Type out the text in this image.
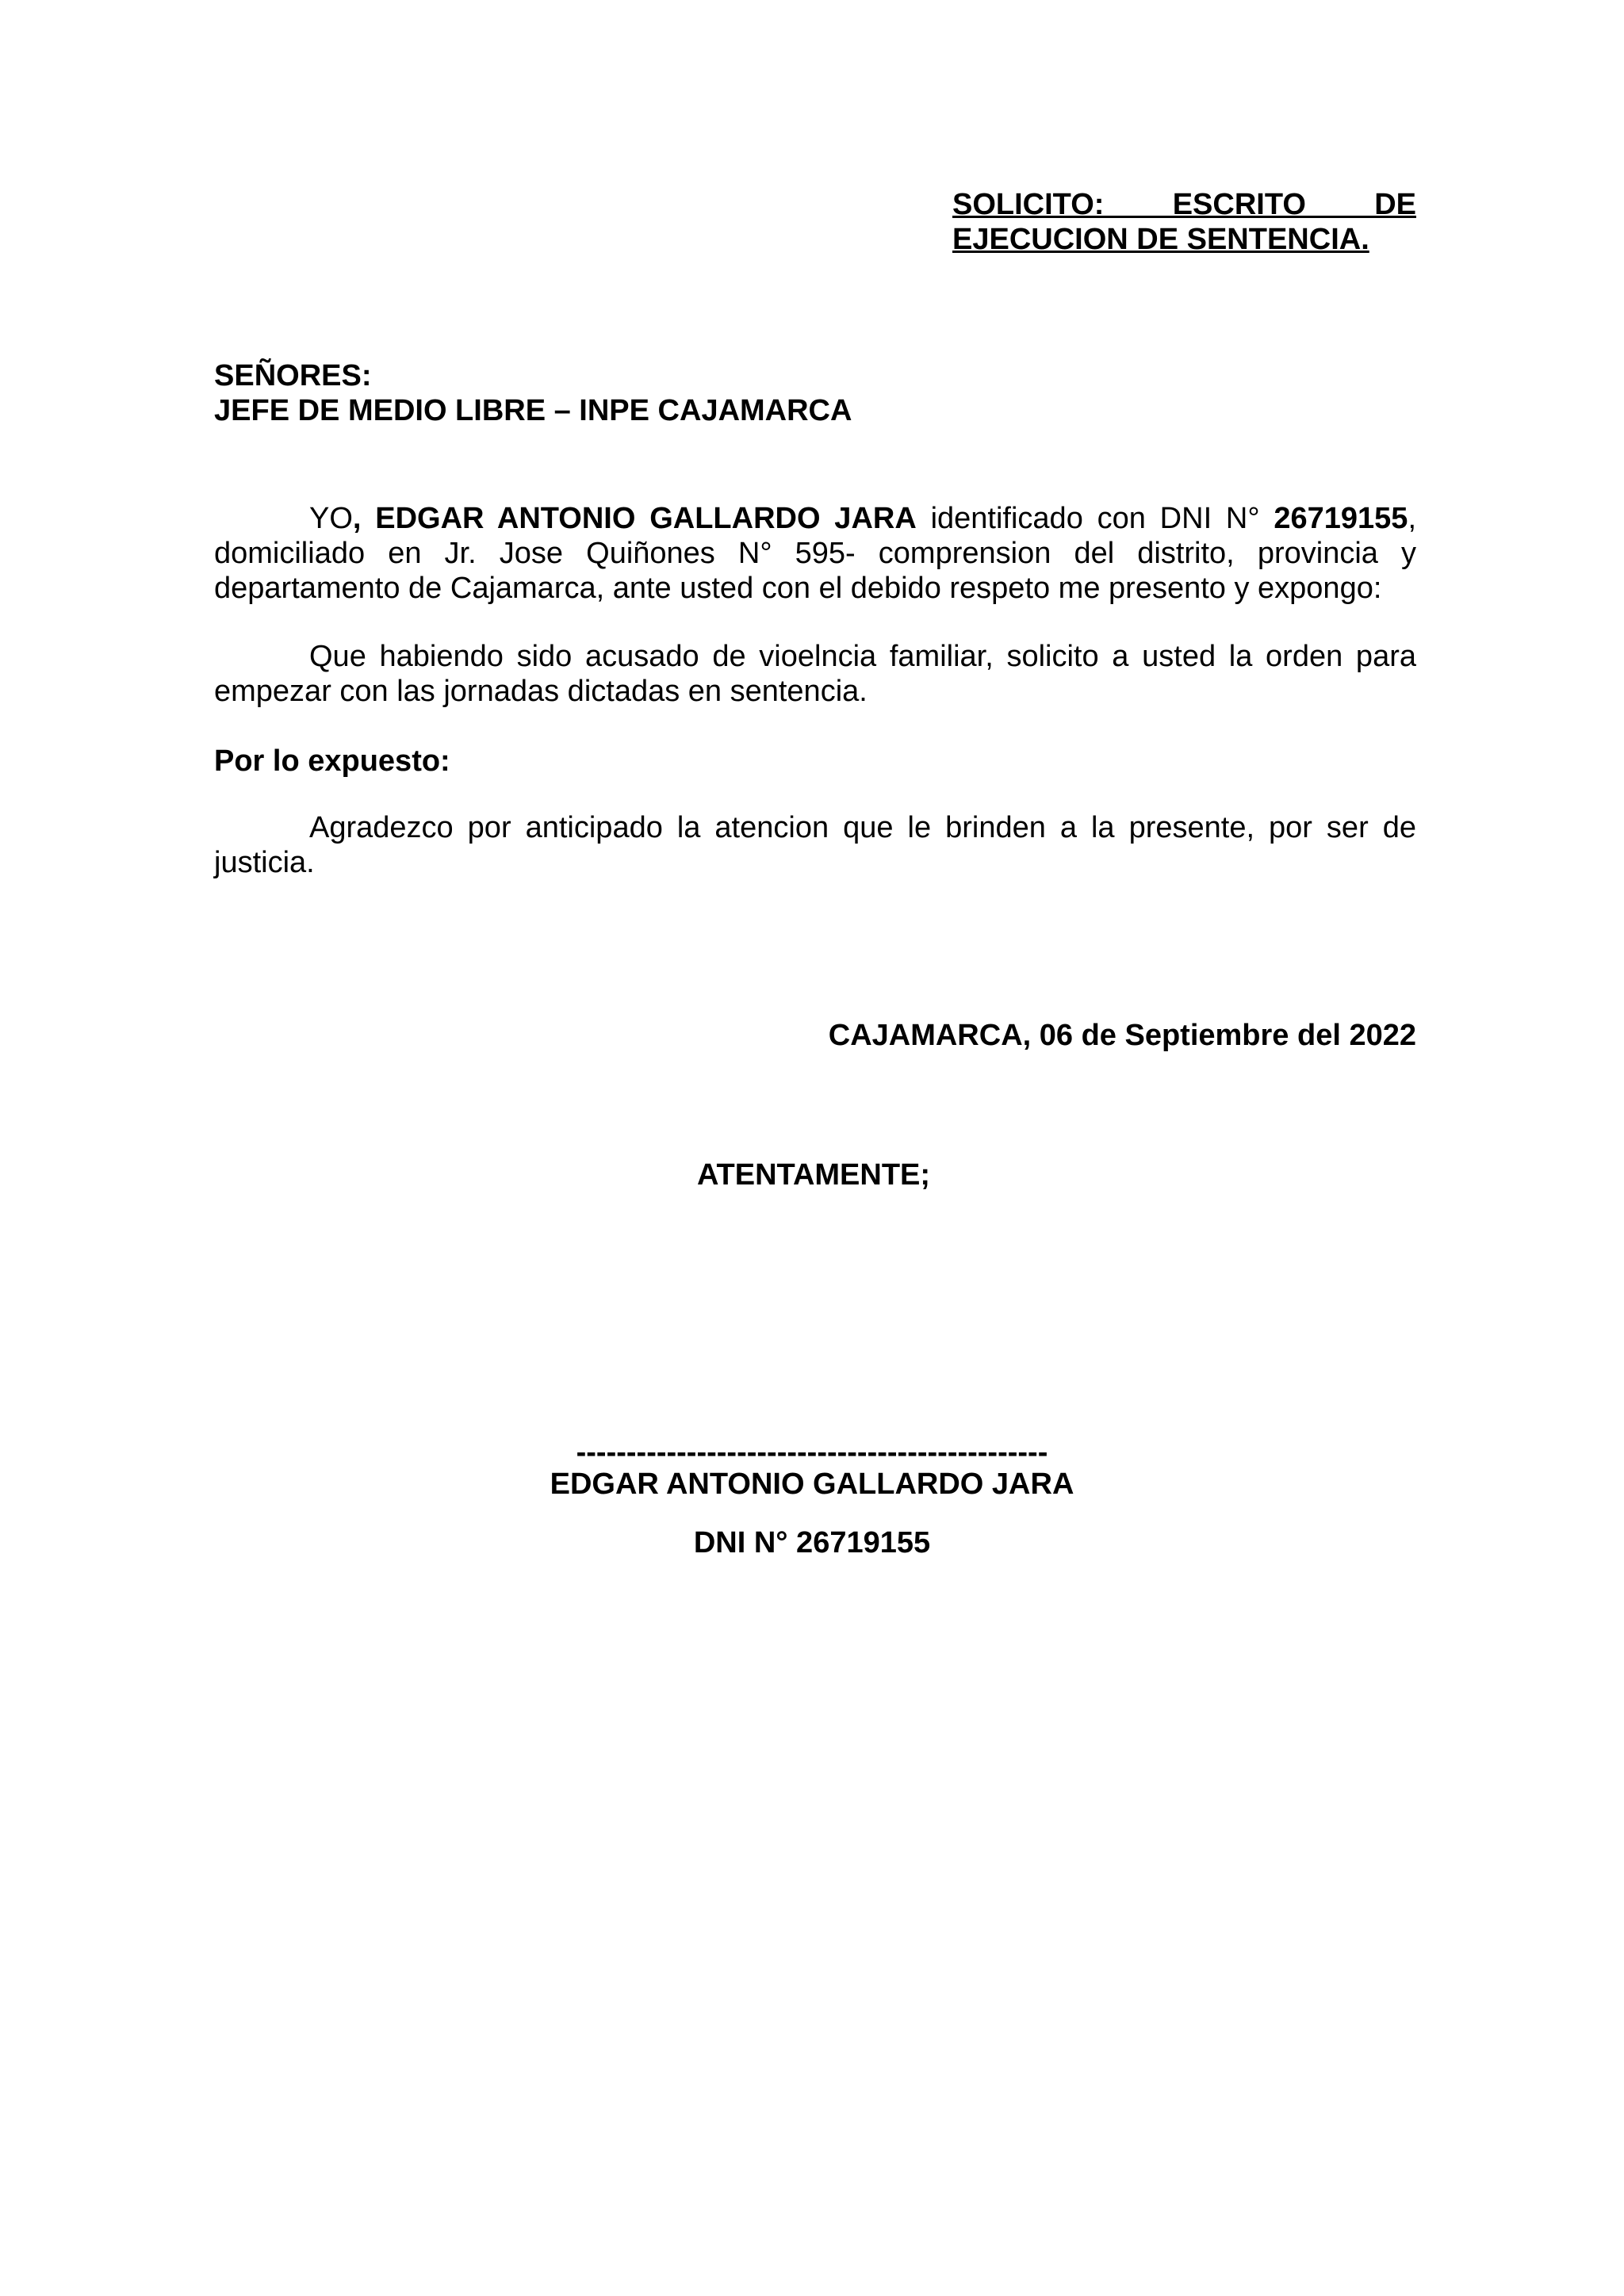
SOLICITO: ESCRITO DE
EJECUCION DE SENTENCIA.
SEÑORES:
JEFE DE MEDIO LIBRE – INPE CAJAMARCA

YO, EDGAR ANTONIO GALLARDO JARA identificado con DNI N° 26719155, domiciliado en Jr. Jose Quiñones N° 595- comprension del distrito, provincia y departamento de Cajamarca, ante usted con el debido respeto me presento y expongo:

Que habiendo sido acusado de vioelncia familiar, solicito a usted la orden para empezar con las jornadas dictadas en sentencia.

Por lo expuesto:

Agradezco por anticipado la atencion que le brinden a la presente, por ser de justicia.

CAJAMARCA, 06 de Septiembre del 2022
ATENTAMENTE;
-----------------------------------------------
EDGAR ANTONIO GALLARDO JARA
DNI N° 26719155
